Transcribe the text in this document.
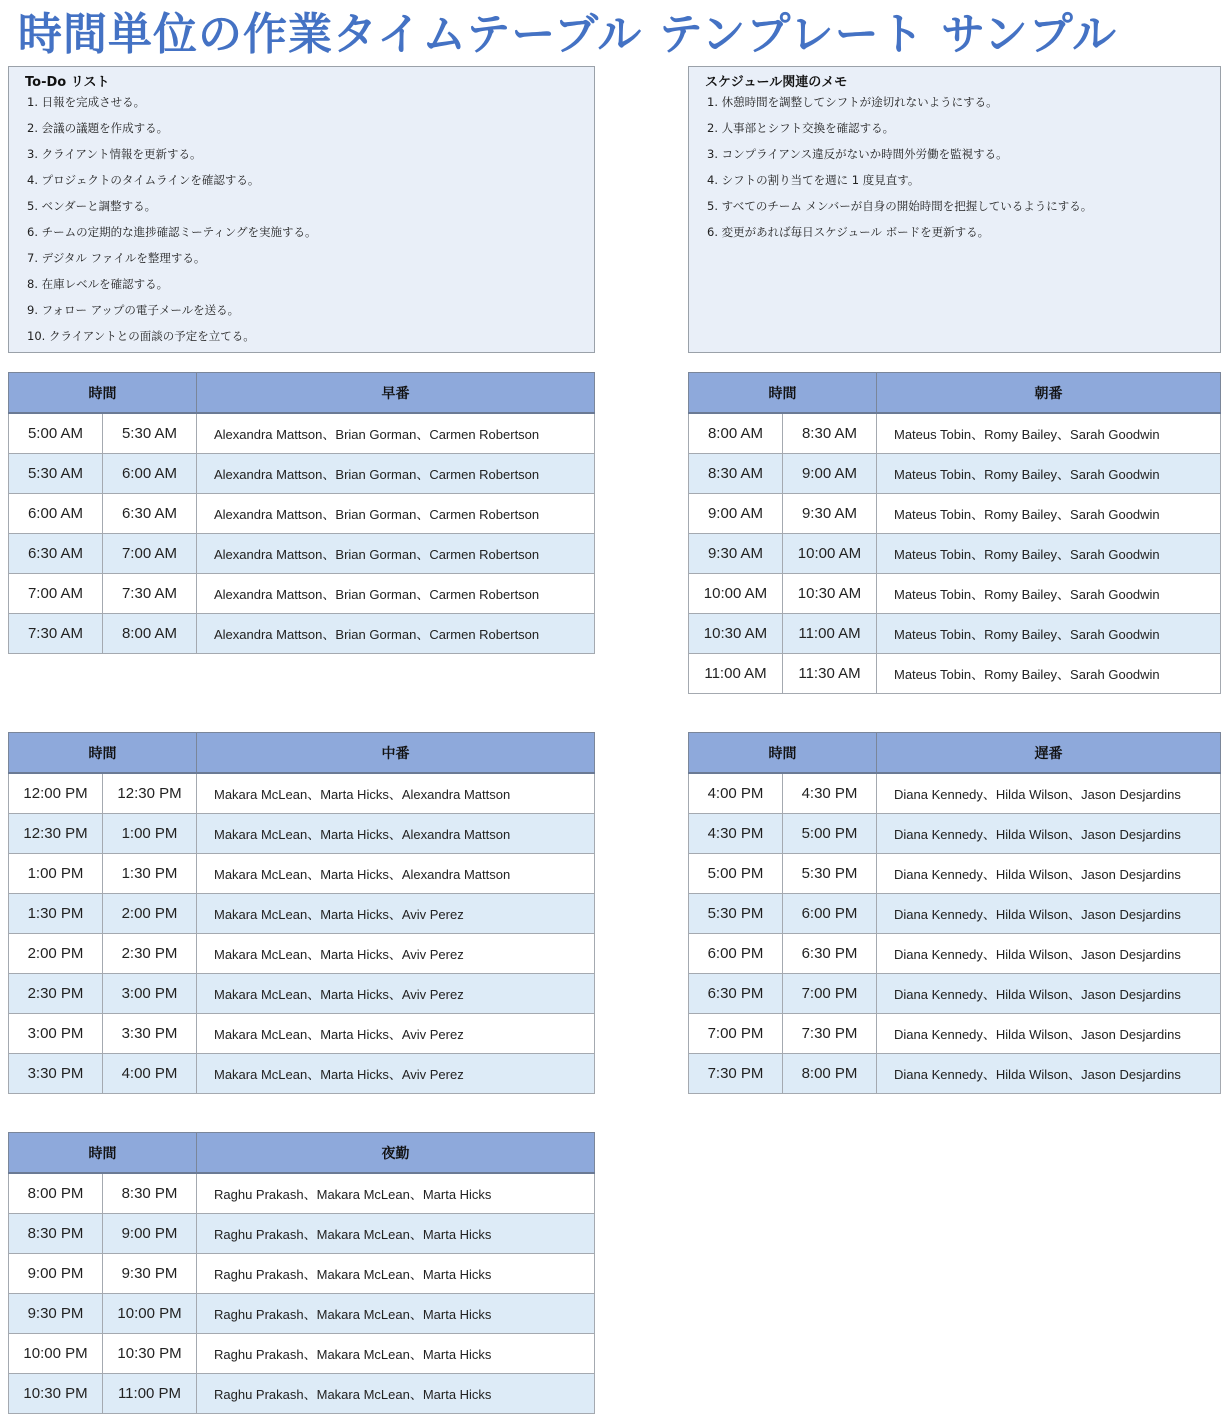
時間単位の作業タイムテーブル テンプレート サンプル
To-Do リスト
1. 日報を完成させる。
2. 会議の議題を作成する。
3. クライアント情報を更新する。
4. プロジェクトのタイムラインを確認する。
5. ベンダーと調整する。
6. チームの定期的な進捗確認ミーティングを実施する。
7. デジタル ファイルを整理する。
8. 在庫レベルを確認する。
9. フォロー アップの電子メールを送る。
10. クライアントとの面談の予定を立てる。
スケジュール関連のメモ
1. 休憩時間を調整してシフトが途切れないようにする。
2. 人事部とシフト交換を確認する。
3. コンプライアンス違反がないか時間外労働を監視する。
4. シフトの割り当てを週に 1 度見直す。
5. すべてのチーム メンバーが自身の開始時間を把握しているようにする。
6. 変更があれば毎日スケジュール ボードを更新する。
時間		早番
5:00 AM	5:30 AM	Alexandra Mattson、Brian Gorman、Carmen Robertson
5:30 AM	6:00 AM	Alexandra Mattson、Brian Gorman、Carmen Robertson
6:00 AM	6:30 AM	Alexandra Mattson、Brian Gorman、Carmen Robertson
6:30 AM	7:00 AM	Alexandra Mattson、Brian Gorman、Carmen Robertson
7:00 AM	7:30 AM	Alexandra Mattson、Brian Gorman、Carmen Robertson
7:30 AM	8:00 AM	Alexandra Mattson、Brian Gorman、Carmen Robertson
時間		朝番
8:00 AM	8:30 AM	Mateus Tobin、Romy Bailey、Sarah Goodwin
8:30 AM	9:00 AM	Mateus Tobin、Romy Bailey、Sarah Goodwin
9:00 AM	9:30 AM	Mateus Tobin、Romy Bailey、Sarah Goodwin
9:30 AM	10:00 AM	Mateus Tobin、Romy Bailey、Sarah Goodwin
10:00 AM	10:30 AM	Mateus Tobin、Romy Bailey、Sarah Goodwin
10:30 AM	11:00 AM	Mateus Tobin、Romy Bailey、Sarah Goodwin
11:00 AM	11:30 AM	Mateus Tobin、Romy Bailey、Sarah Goodwin
時間		中番
12:00 PM	12:30 PM	Makara McLean、Marta Hicks、Alexandra Mattson
12:30 PM	1:00 PM	Makara McLean、Marta Hicks、Alexandra Mattson
1:00 PM	1:30 PM	Makara McLean、Marta Hicks、Alexandra Mattson
1:30 PM	2:00 PM	Makara McLean、Marta Hicks、Aviv Perez
2:00 PM	2:30 PM	Makara McLean、Marta Hicks、Aviv Perez
2:30 PM	3:00 PM	Makara McLean、Marta Hicks、Aviv Perez
3:00 PM	3:30 PM	Makara McLean、Marta Hicks、Aviv Perez
3:30 PM	4:00 PM	Makara McLean、Marta Hicks、Aviv Perez
時間		遅番
4:00 PM	4:30 PM	Diana Kennedy、Hilda Wilson、Jason Desjardins
4:30 PM	5:00 PM	Diana Kennedy、Hilda Wilson、Jason Desjardins
5:00 PM	5:30 PM	Diana Kennedy、Hilda Wilson、Jason Desjardins
5:30 PM	6:00 PM	Diana Kennedy、Hilda Wilson、Jason Desjardins
6:00 PM	6:30 PM	Diana Kennedy、Hilda Wilson、Jason Desjardins
6:30 PM	7:00 PM	Diana Kennedy、Hilda Wilson、Jason Desjardins
7:00 PM	7:30 PM	Diana Kennedy、Hilda Wilson、Jason Desjardins
7:30 PM	8:00 PM	Diana Kennedy、Hilda Wilson、Jason Desjardins
時間		夜勤
8:00 PM	8:30 PM	Raghu Prakash、Makara McLean、Marta Hicks
8:30 PM	9:00 PM	Raghu Prakash、Makara McLean、Marta Hicks
9:00 PM	9:30 PM	Raghu Prakash、Makara McLean、Marta Hicks
9:30 PM	10:00 PM	Raghu Prakash、Makara McLean、Marta Hicks
10:00 PM	10:30 PM	Raghu Prakash、Makara McLean、Marta Hicks
10:30 PM	11:00 PM	Raghu Prakash、Makara McLean、Marta Hicks
